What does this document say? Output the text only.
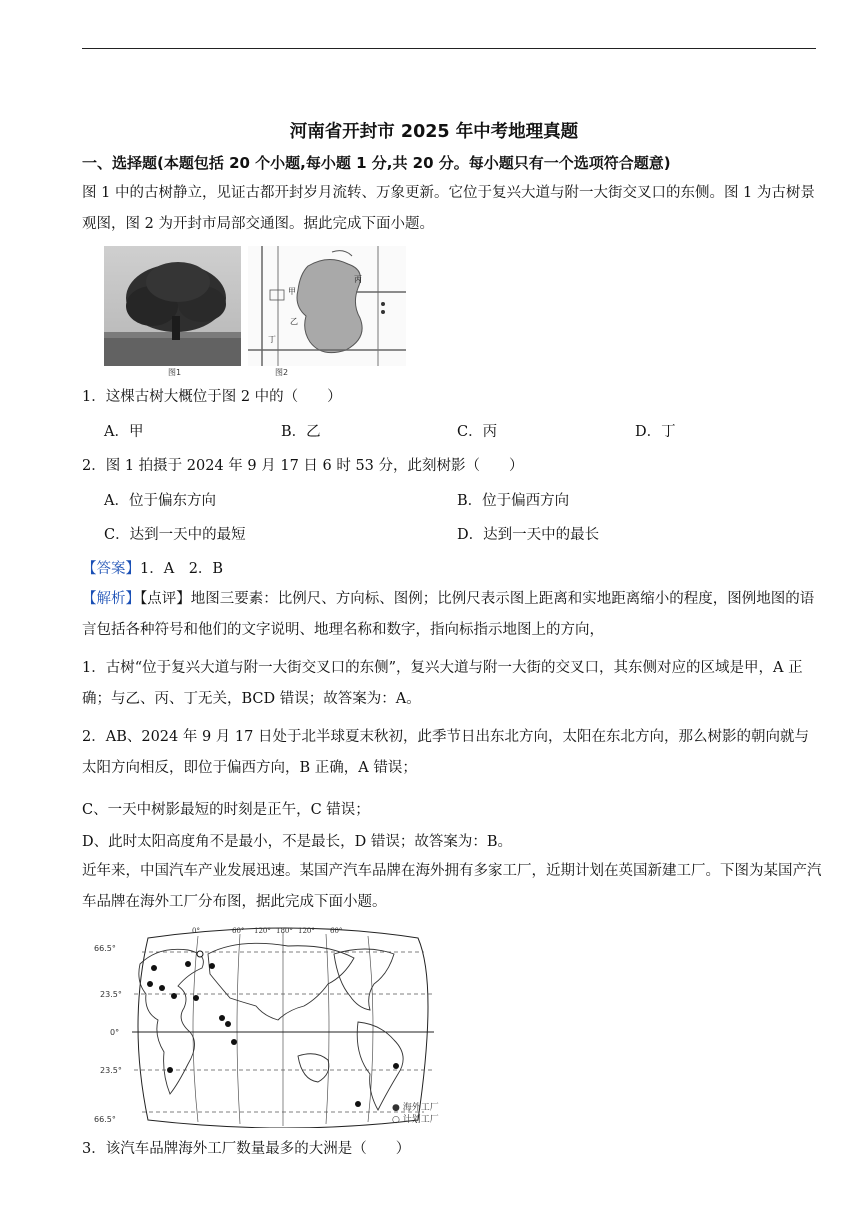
河南省开封市 2025 年中考地理真题
一、选择题(本题包括 20 个小题,每小题 1 分,共 20 分。每小题只有一个选项符合题意)
图 1 中的古树静立，见证古都开封岁月流转、万象更新。它位于复兴大道与附一大街交叉口的东侧。图 1 为古树景观图，图 2 为开封市局部交通图。据此完成下面小题。
图1
甲
乙
丙
丁
图2
1．这棵古树大概位于图 2 中的（　　）
A．甲	B．乙	C．丙	D．丁
2．图 1 拍摄于 2024 年 9 月 17 日 6 时 53 分，此刻树影（　　）
A．位于偏东方向	B．位于偏西方向
C．达到一天中的最短	D．达到一天中的最长
【答案】1．A　2．B
【解析】【点评】地图三要素：比例尺、方向标、图例；比例尺表示图上距离和实地距离缩小的程度，图例地图的语言包括各种符号和他们的文字说明、地理名称和数字，指向标指示地图上的方向，
1．古树“位于复兴大道与附一大街交叉口的东侧”，复兴大道与附一大街的交叉口，其东侧对应的区域是甲，A 正确；与乙、丙、丁无关，BCD 错误；故答案为：A。
2．AB、2024 年 9 月 17 日处于北半球夏末秋初，此季节日出东北方向，太阳在东北方向，那么树影的朝向就与太阳方向相反，即位于偏西方向，B 正确，A 错误；
C、一天中树影最短的时刻是正午，C 错误；
D、此时太阳高度角不是最小，不是最长，D 错误；故答案为：B。
近年来，中国汽车产业发展迅速。某国产汽车品牌在海外拥有多家工厂，近期计划在英国新建工厂。下图为某国产汽车品牌在海外工厂分布图，据此完成下面小题。
0°	60° 120° 180° 120° 60°
66.5°
23.5°
0°
23.5°
66.5°
● 海外工厂
○ 计划工厂
3．该汽车品牌海外工厂数量最多的大洲是（　　）
